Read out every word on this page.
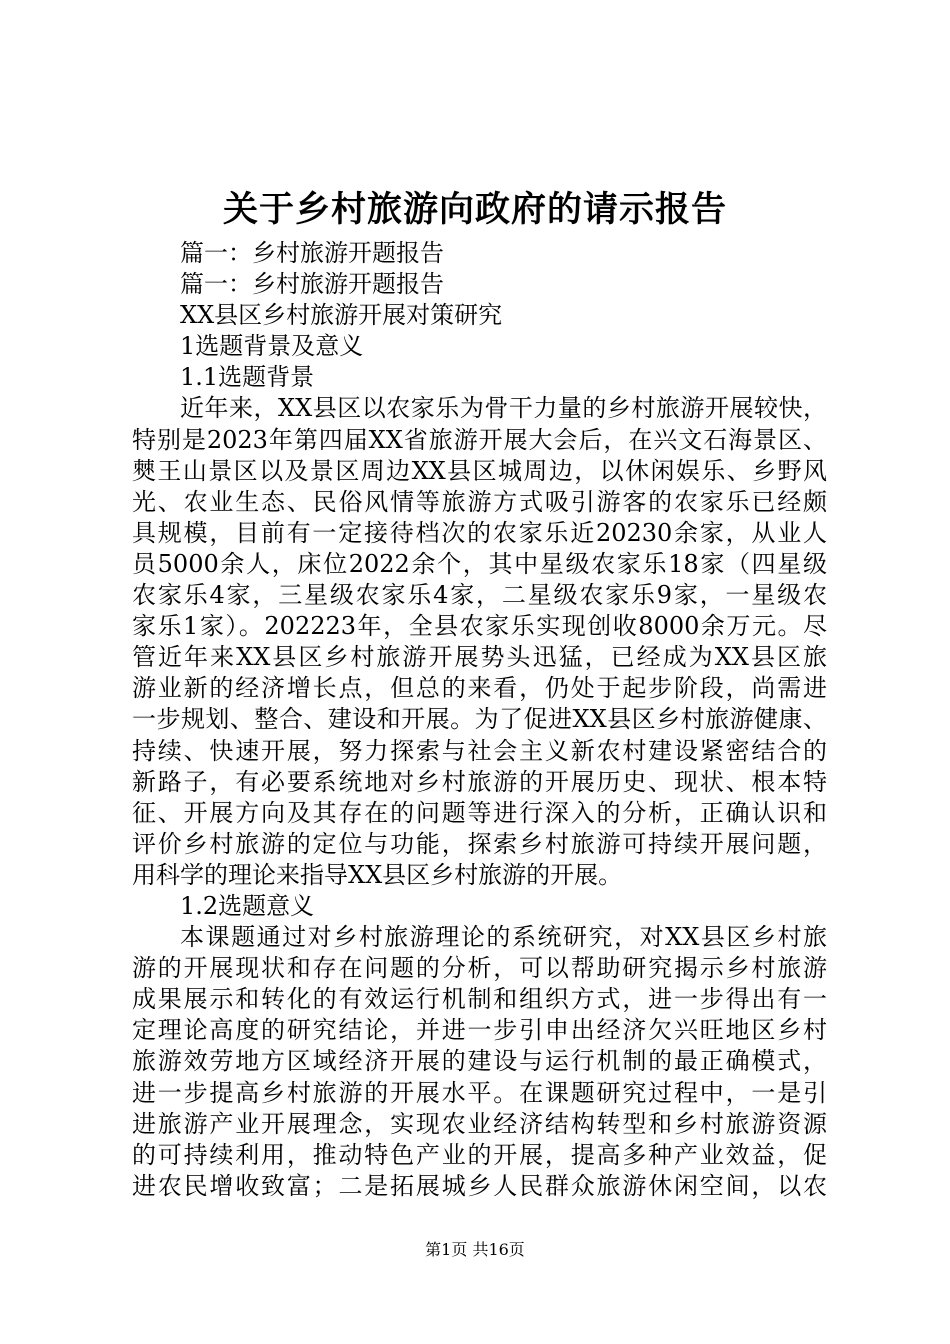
关于乡村旅游向政府的请示报告
篇一：乡村旅游开题报告
篇一：乡村旅游开题报告
XX县区乡村旅游开展对策研究
1选题背景及意义
1.1选题背景
近年来，XX县区以农家乐为骨干力量的乡村旅游开展较快，
特别是2023年第四届XX省旅游开展大会后，在兴文石海景区、
僰王山景区以及景区周边XX县区城周边，以休闲娱乐、乡野风
光、农业生态、民俗风情等旅游方式吸引游客的农家乐已经颇
具规模，目前有一定接待档次的农家乐近20230余家，从业人
员5000余人，床位2022余个，其中星级农家乐18家（四星级
农家乐4家，三星级农家乐4家，二星级农家乐9家，一星级农
家乐1家）。202223年，全县农家乐实现创收8000余万元。尽
管近年来XX县区乡村旅游开展势头迅猛，已经成为XX县区旅
游业新的经济增长点，但总的来看，仍处于起步阶段，尚需进
一步规划、整合、建设和开展。为了促进XX县区乡村旅游健康、
持续、快速开展，努力探索与社会主义新农村建设紧密结合的
新路子，有必要系统地对乡村旅游的开展历史、现状、根本特
征、开展方向及其存在的问题等进行深入的分析，正确认识和
评价乡村旅游的定位与功能，探索乡村旅游可持续开展问题，
用科学的理论来指导XX县区乡村旅游的开展。
1.2选题意义
本课题通过对乡村旅游理论的系统研究，对XX县区乡村旅
游的开展现状和存在问题的分析，可以帮助研究揭示乡村旅游
成果展示和转化的有效运行机制和组织方式，进一步得出有一
定理论高度的研究结论，并进一步引申出经济欠兴旺地区乡村
旅游效劳地方区域经济开展的建设与运行机制的最正确模式，
进一步提高乡村旅游的开展水平。在课题研究过程中，一是引
进旅游产业开展理念，实现农业经济结构转型和乡村旅游资源
的可持续利用，推动特色产业的开展，提高多种产业效益，促
进农民增收致富；二是拓展城乡人民群众旅游休闲空间，以农
第1页 共16页
